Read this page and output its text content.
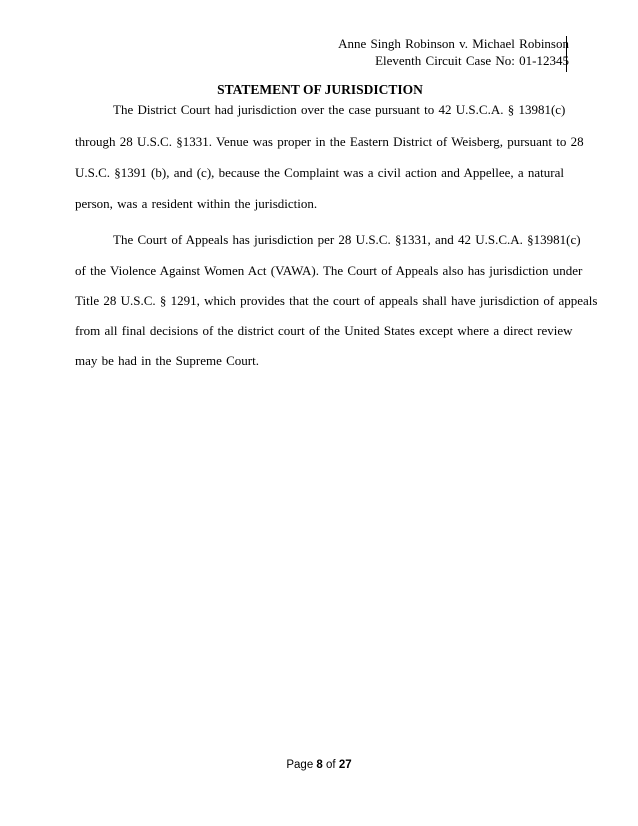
Anne Singh Robinson v. Michael Robinson
Eleventh Circuit Case No: 01-12345
STATEMENT OF JURISDICTION
The District Court had jurisdiction over the case pursuant to 42 U.S.C.A. § 13981(c)
through 28 U.S.C. §1331. Venue was proper in the Eastern District of Weisberg, pursuant to 28
U.S.C. §1391 (b), and (c), because the Complaint was a civil action and Appellee, a natural
person, was a resident within the jurisdiction.
The Court of Appeals has jurisdiction per 28 U.S.C. §1331, and 42 U.S.C.A. §13981(c)
of the Violence Against Women Act (VAWA). The Court of Appeals also has jurisdiction under
Title 28 U.S.C. § 1291, which provides that the court of appeals shall have jurisdiction of appeals
from all final decisions of the district court of the United States except where a direct review
may be had in the Supreme Court.
Page 8 of 27
